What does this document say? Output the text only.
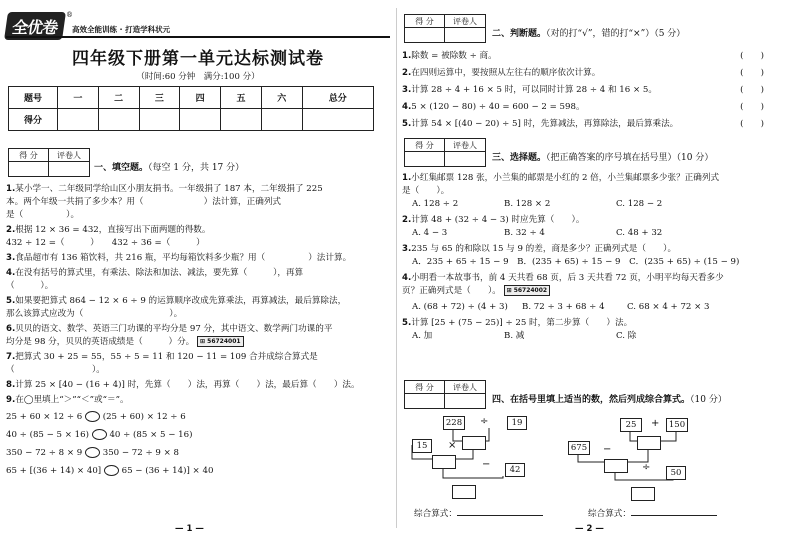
全优卷
®
高效全能训练 · 打造学科状元
四年级下册第一单元达标测试卷
（时间:60 分钟　满分:100 分）
题号	一	二	三	四	五	六	总分
得分							
得 分	评卷人
一、填空题。（每空 1 分，共 17 分）
1.某小学一、二年级同学给山区小朋友捐书。一年级捐了 187 本，二年级捐了 225
本。两个年级一共捐了多少本？用（　　　　　　　）法计算，正确列式
是（　　　　　）。
2.根据 12 × 36 = 432，直接写出下面两题的得数。
432 ÷ 12 =（　　　）　　432 ÷ 36 =（　　　）
3.食品超市有 136 箱饮料，共 216 瓶，平均每箱饮料多少瓶？用（　　　　　）法计算。
4.在没有括号的算式里，有乘法、除法和加法、减法，要先算（　　　），再算
（　　　）。
5.如果要把算式 864 − 12 × 6 ÷ 9 的运算顺序改成先算乘法，再算减法，最后算除法，
那么该算式应改为（　　　　　　　　　　）。
6.贝贝的语文、数学、英语三门功课的平均分是 97 分，其中语文、数学两门功课的平
均分是 98 分，贝贝的英语成绩是（　　　）分。 ⊞ 56724001
7.把算式 30 + 25 = 55，55 ÷ 5 = 11 和 120 − 11 = 109 合并成综合算式是
（　　　　　　　　　）。
8.计算 25 × [40 − (16 + 4)] 时，先算（　　）法，再算（　　）法，最后算（　　）法。
9.在◯里填上“＞”“＜”或“＝”。
25 + 60 × 12 ÷ 6 (25 + 60) × 12 ÷ 6
40 ÷ (85 − 5 × 16) 40 ÷ (85 × 5 − 16)
350 − 72 ÷ 8 × 9 350 − 72 ÷ 9 × 8
65 + [(36 + 14) × 40] 65 − (36 + 14)] × 40
— 1 —
得 分	评卷人
二、判断题。（对的打“√”，错的打“×”）（5 分）
1.除数 = 被除数 ÷ 商。	(　　)
2.在四则运算中，要按照从左往右的顺序依次计算。	(　　)
3.计算 28 ÷ 4 + 16 × 5 时，可以同时计算 28 ÷ 4 和 16 × 5。	(　　)
4.5 × (120 − 80) ÷ 40 = 600 − 2 = 598。	(　　)
5.计算 54 × [(40 − 20) ÷ 5] 时，先算减法，再算除法，最后算乘法。	(　　)
得 分	评卷人
三、选择题。（把正确答案的序号填在括号里）（10 分）
1.小红集邮票 128 张，小兰集的邮票是小红的 2 倍，小兰集邮票多少张？正确列式
是（　　）。
A. 128 ÷ 2	B. 128 × 2	C. 128 − 2
2.计算 48 + (32 ÷ 4 − 3) 时应先算（　　）。
A. 4 − 3	B. 32 ÷ 4	C. 48 + 32
3.235 与 65 的和除以 15 与 9 的差，商是多少？正确列式是（　　）。
A．235 + 65 ÷ 15 − 9　B．(235 + 65) ÷ 15 − 9　C．(235 + 65) ÷ (15 − 9)
4.小明看一本故事书，前 4 天共看 68 页，后 3 天共看 72 页，小明平均每天看多少
页？正确列式是（　　）。 ⊞ 56724002
A. (68 + 72) ÷ (4 + 3)	B. 72 ÷ 3 + 68 ÷ 4	C. 68 × 4 + 72 × 3
5.计算 [25 + (75 − 25)] ÷ 25 时，第二步算（　　）法。
A. 加	B. 减	C. 除
得 分	评卷人
四、在括号里填上适当的数，然后列成综合算式。（10 分）
228 ÷	19
15	×
−	42
25	+	150
675 −
÷	50
综合算式：	综合算式：
— 2 —
